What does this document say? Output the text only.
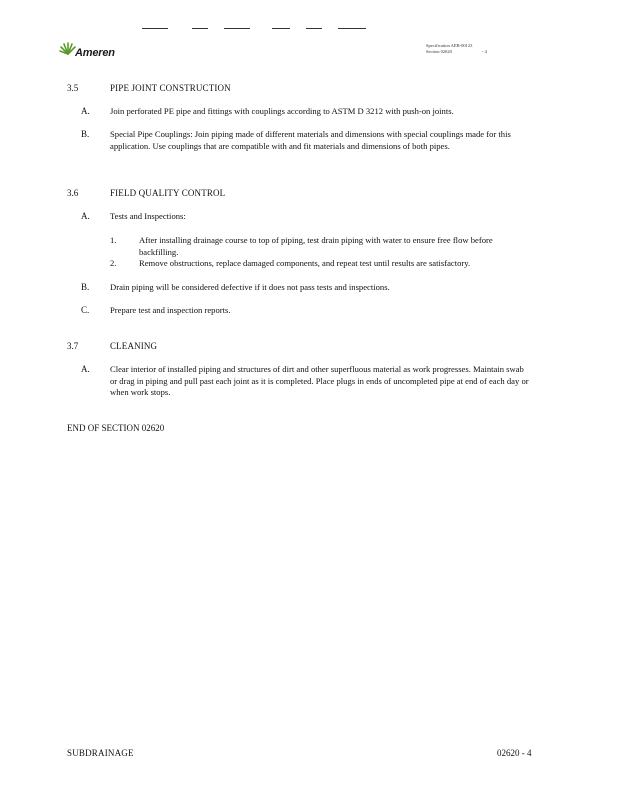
Ameren
Specification AEB-00123
Section 02620	- 4
3.5	PIPE JOINT CONSTRUCTION
A. Join perforated PE pipe and fittings with couplings according to ASTM D 3212 with push-on joints.
B. Special Pipe Couplings: Join piping made of different materials and dimensions with special couplings made for this application. Use couplings that are compatible with and fit materials and dimensions of both pipes.
3.6	FIELD QUALITY CONTROL
A. Tests and Inspections:
1.	After installing drainage course to top of piping, test drain piping with water to ensure free flow before backfilling.
2.	Remove obstructions, replace damaged components, and repeat test until results are satisfactory.
B. Drain piping will be considered defective if it does not pass tests and inspections.
C. Prepare test and inspection reports.
3.7	CLEANING
A. Clear interior of installed piping and structures of dirt and other superfluous material as work progresses. Maintain swab or drag in piping and pull past each joint as it is completed. Place plugs in ends of uncompleted pipe at end of each day or when work stops.
END OF SECTION 02620
SUBDRAINAGE	02620 - 4
